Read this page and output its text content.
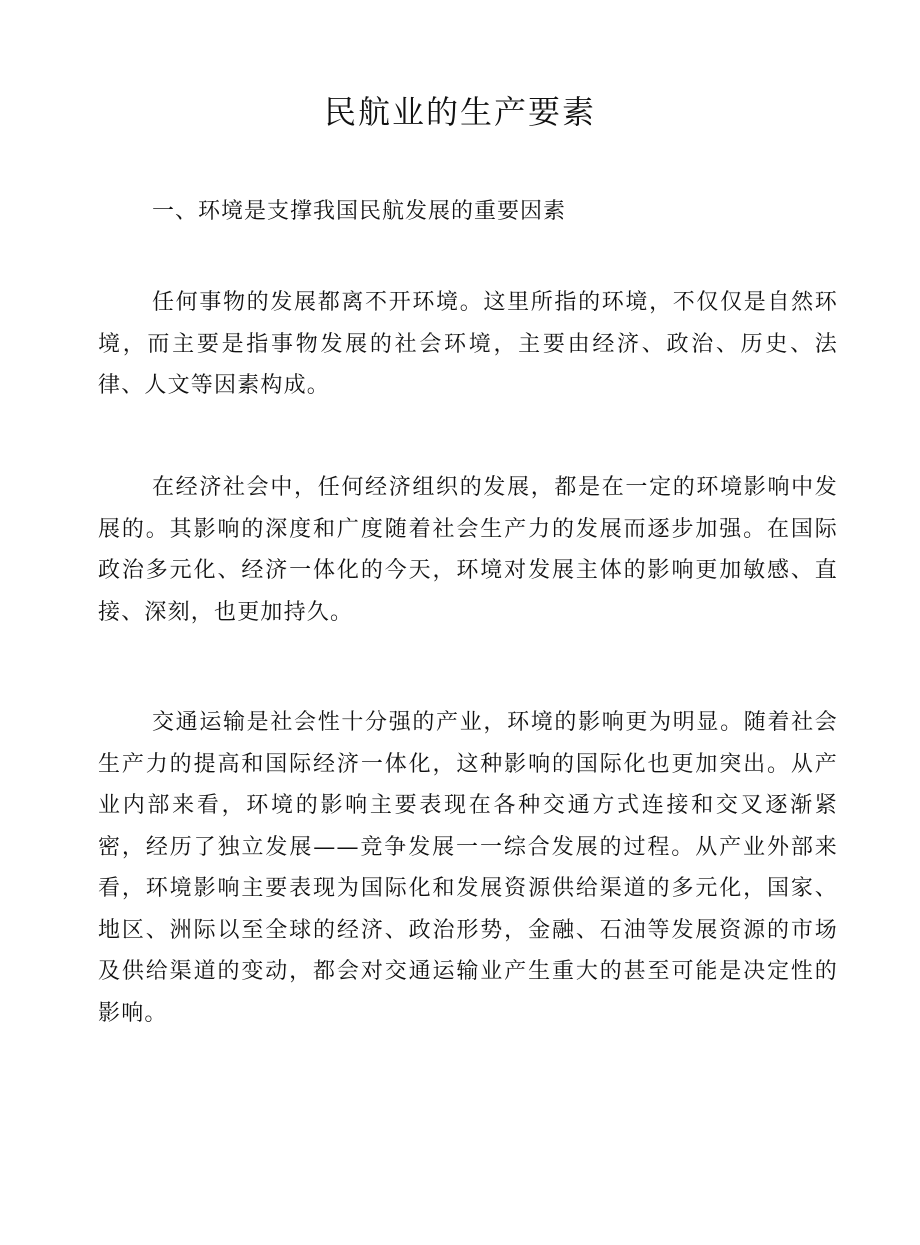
民航业的生产要素
一、环境是支撑我国民航发展的重要因素

任何事物的发展都离不开环境。这里所指的环境，不仅仅是自然环境，而主要是指事物发展的社会环境，主要由经济、政治、历史、法律、人文等因素构成。

在经济社会中，任何经济组织的发展，都是在一定的环境影响中发展的。其影响的深度和广度随着社会生产力的发展而逐步加强。在国际政治多元化、经济一体化的今天，环境对发展主体的影响更加敏感、直接、深刻，也更加持久。

交通运输是社会性十分强的产业，环境的影响更为明显。随着社会生产力的提高和国际经济一体化，这种影响的国际化也更加突出。从产业内部来看，环境的影响主要表现在各种交通方式连接和交叉逐渐紧密，经历了独立发展——竞争发展一一综合发展的过程。从产业外部来看，环境影响主要表现为国际化和发展资源供给渠道的多元化，国家、地区、洲际以至全球的经济、政治形势，金融、石油等发展资源的市场及供给渠道的变动，都会对交通运输业产生重大的甚至可能是决定性的影响。
